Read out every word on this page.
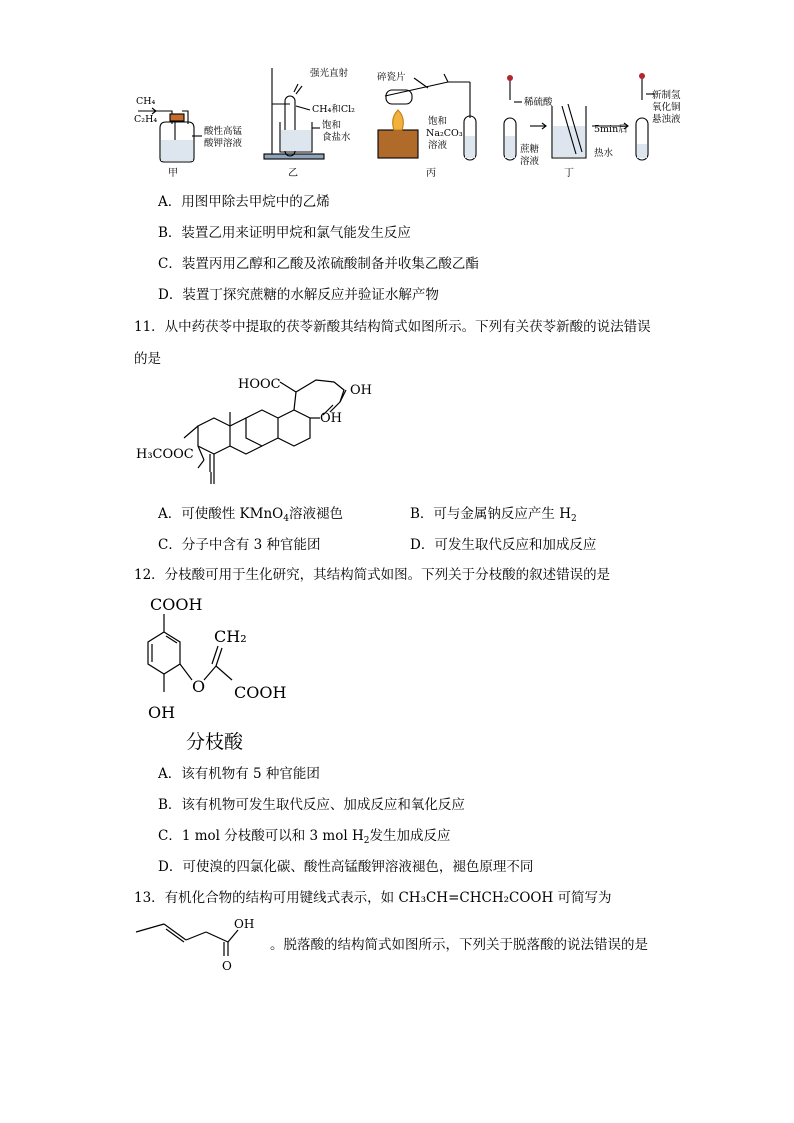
CH₄
C₂H₄
酸性高锰
酸钾溶液
甲
强光直射
CH₄和Cl₂
饱和
食盐水
乙
碎瓷片
饱和
Na₂CO₃
溶液
丙
稀硫酸
蔗糖
溶液
5min后
热水
新制氢
氧化铜
悬浊液
丁
A．用图甲除去甲烷中的乙烯
B．装置乙用来证明甲烷和氯气能发生反应
C．装置丙用乙醇和乙酸及浓硫酸制备并收集乙酸乙酯
D．装置丁探究蔗糖的水解反应并验证水解产物
11．从中药茯苓中提取的茯苓新酸其结构简式如图所示。下列有关茯苓新酸的说法错误
的是
HOOC	OH
OH
H₃COOC
A．可使酸性 KMnO$_4$溶液褪色	B．可与金属钠反应产生 $H_2$
C．分子中含有 3 种官能团	D．可发生取代反应和加成反应
12．分枝酸可用于生化研究，其结构简式如图。下列关于分枝酸的叙述错误的是
COOH
CH₂
O COOH
OH
分枝酸
A．该有机物有 5 种官能团
B．该有机物可发生取代反应、加成反应和氧化反应
C．1 mol 分枝酸可以和 3 mol $H_2$发生加成反应
D．可使溴的四氯化碳、酸性高锰酸钾溶液褪色，褪色原理不同
13．有机化合物的结构可用键线式表示，如 CH₃CH=CHCH₂COOH 可简写为
OH
O
。脱落酸的结构简式如图所示，下列关于脱落酸的说法错误的是
